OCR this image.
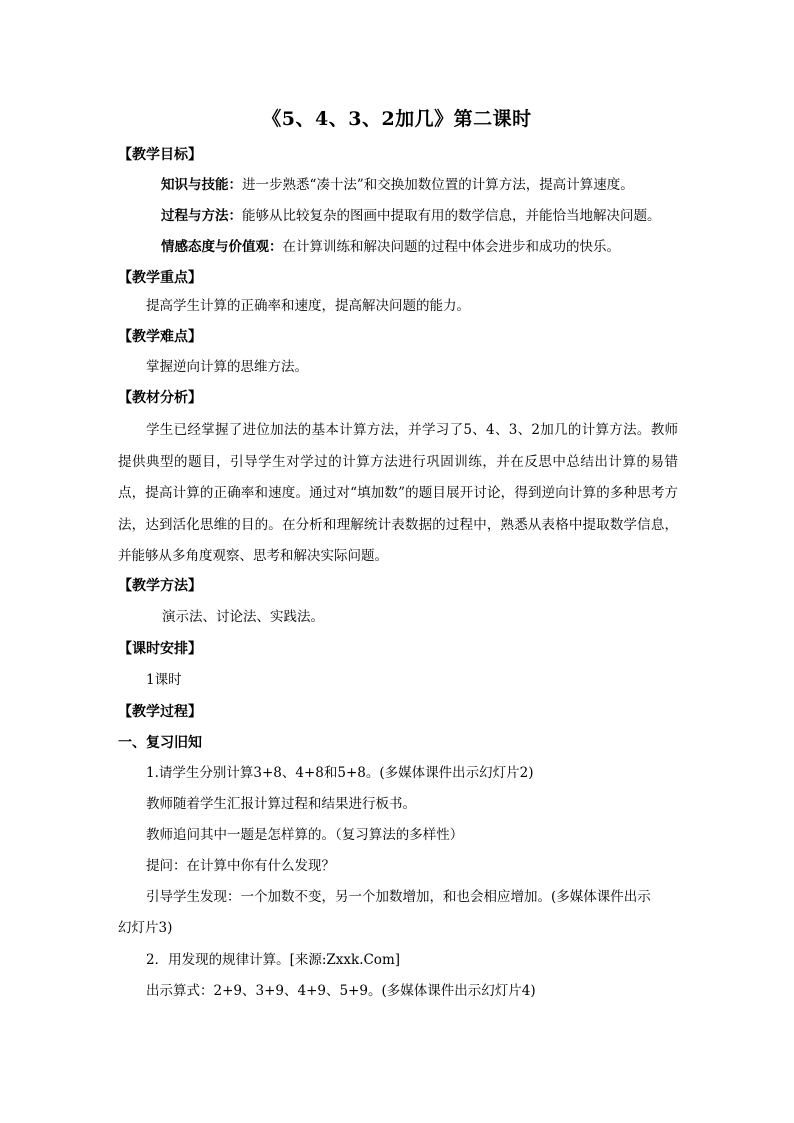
《5、4、3、2加几》第二课时
【教学目标】
知识与技能：进一步熟悉“凑十法”和交换加数位置的计算方法，提高计算速度。
过程与方法：能够从比较复杂的图画中提取有用的数学信息，并能恰当地解决问题。
情感态度与价值观：在计算训练和解决问题的过程中体会进步和成功的快乐。
【教学重点】
提高学生计算的正确率和速度，提高解决问题的能力。
【教学难点】
掌握逆向计算的思维方法。
【教材分析】
学生已经掌握了进位加法的基本计算方法，并学习了5、4、3、2加几的计算方法。教师提供典型的题目，引导学生对学过的计算方法进行巩固训练，并在反思中总结出计算的易错点，提高计算的正确率和速度。通过对“填加数”的题目展开讨论，得到逆向计算的多种思考方法，达到活化思维的目的。在分析和理解统计表数据的过程中，熟悉从表格中提取数学信息，并能够从多角度观察、思考和解决实际问题。
【教学方法】
演示法、讨论法、实践法。
【课时安排】
1课时
【教学过程】
一、复习旧知
1.请学生分别计算3+8、4+8和5+8。(多媒体课件出示幻灯片2)
教师随着学生汇报计算过程和结果进行板书。
教师追问其中一题是怎样算的。（复习算法的多样性）
提问：在计算中你有什么发现？
引导学生发现：一个加数不变，另一个加数增加，和也会相应增加。(多媒体课件出示
幻灯片3)
2．用发现的规律计算。[来源:Zxxk.Com]
出示算式：2+9、3+9、4+9、5+9。(多媒体课件出示幻灯片4)
